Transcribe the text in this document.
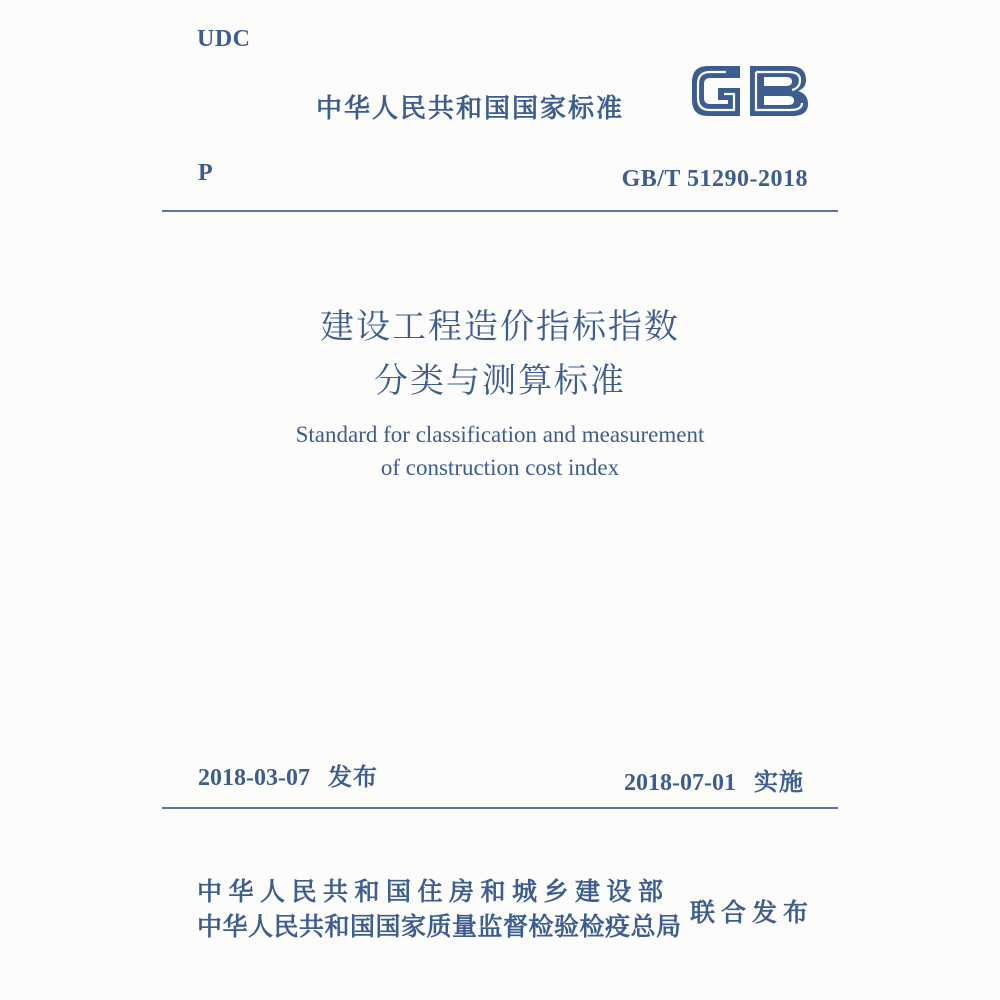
UDC
中华人民共和国国家标准
P	GB/T 51290-2018
建设工程造价指标指数
分类与测算标准
Standard for classification and measurement
of construction cost index
2018-03-07 发布	2018-07-01 实施
中华人民共和国住房和城乡建设部
中华人民共和国国家质量监督检验检疫总局 联合发布
